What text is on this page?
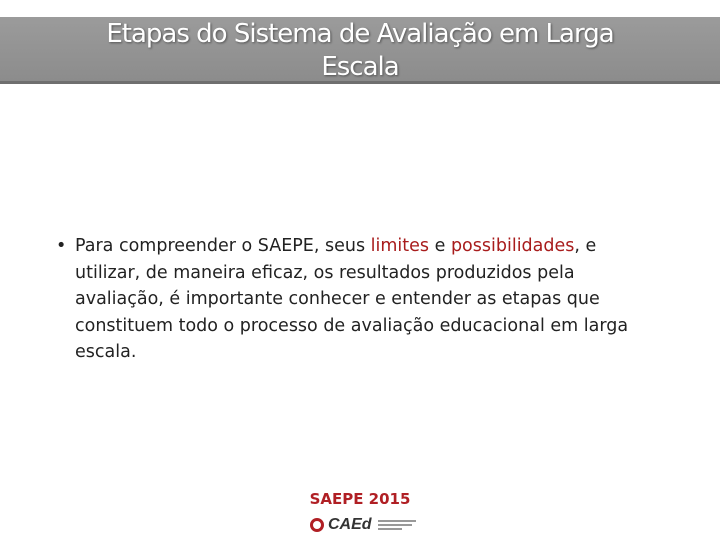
Etapas do Sistema de Avaliação em Larga
Escala
• Para compreender o SAEPE, seus limites e possibilidades, e utilizar, de maneira eficaz, os resultados produzidos pela avaliação, é importante conhecer e entender as etapas que constituem todo o processo de avaliação educacional em larga escala.
SAEPE 2015
CAEd
